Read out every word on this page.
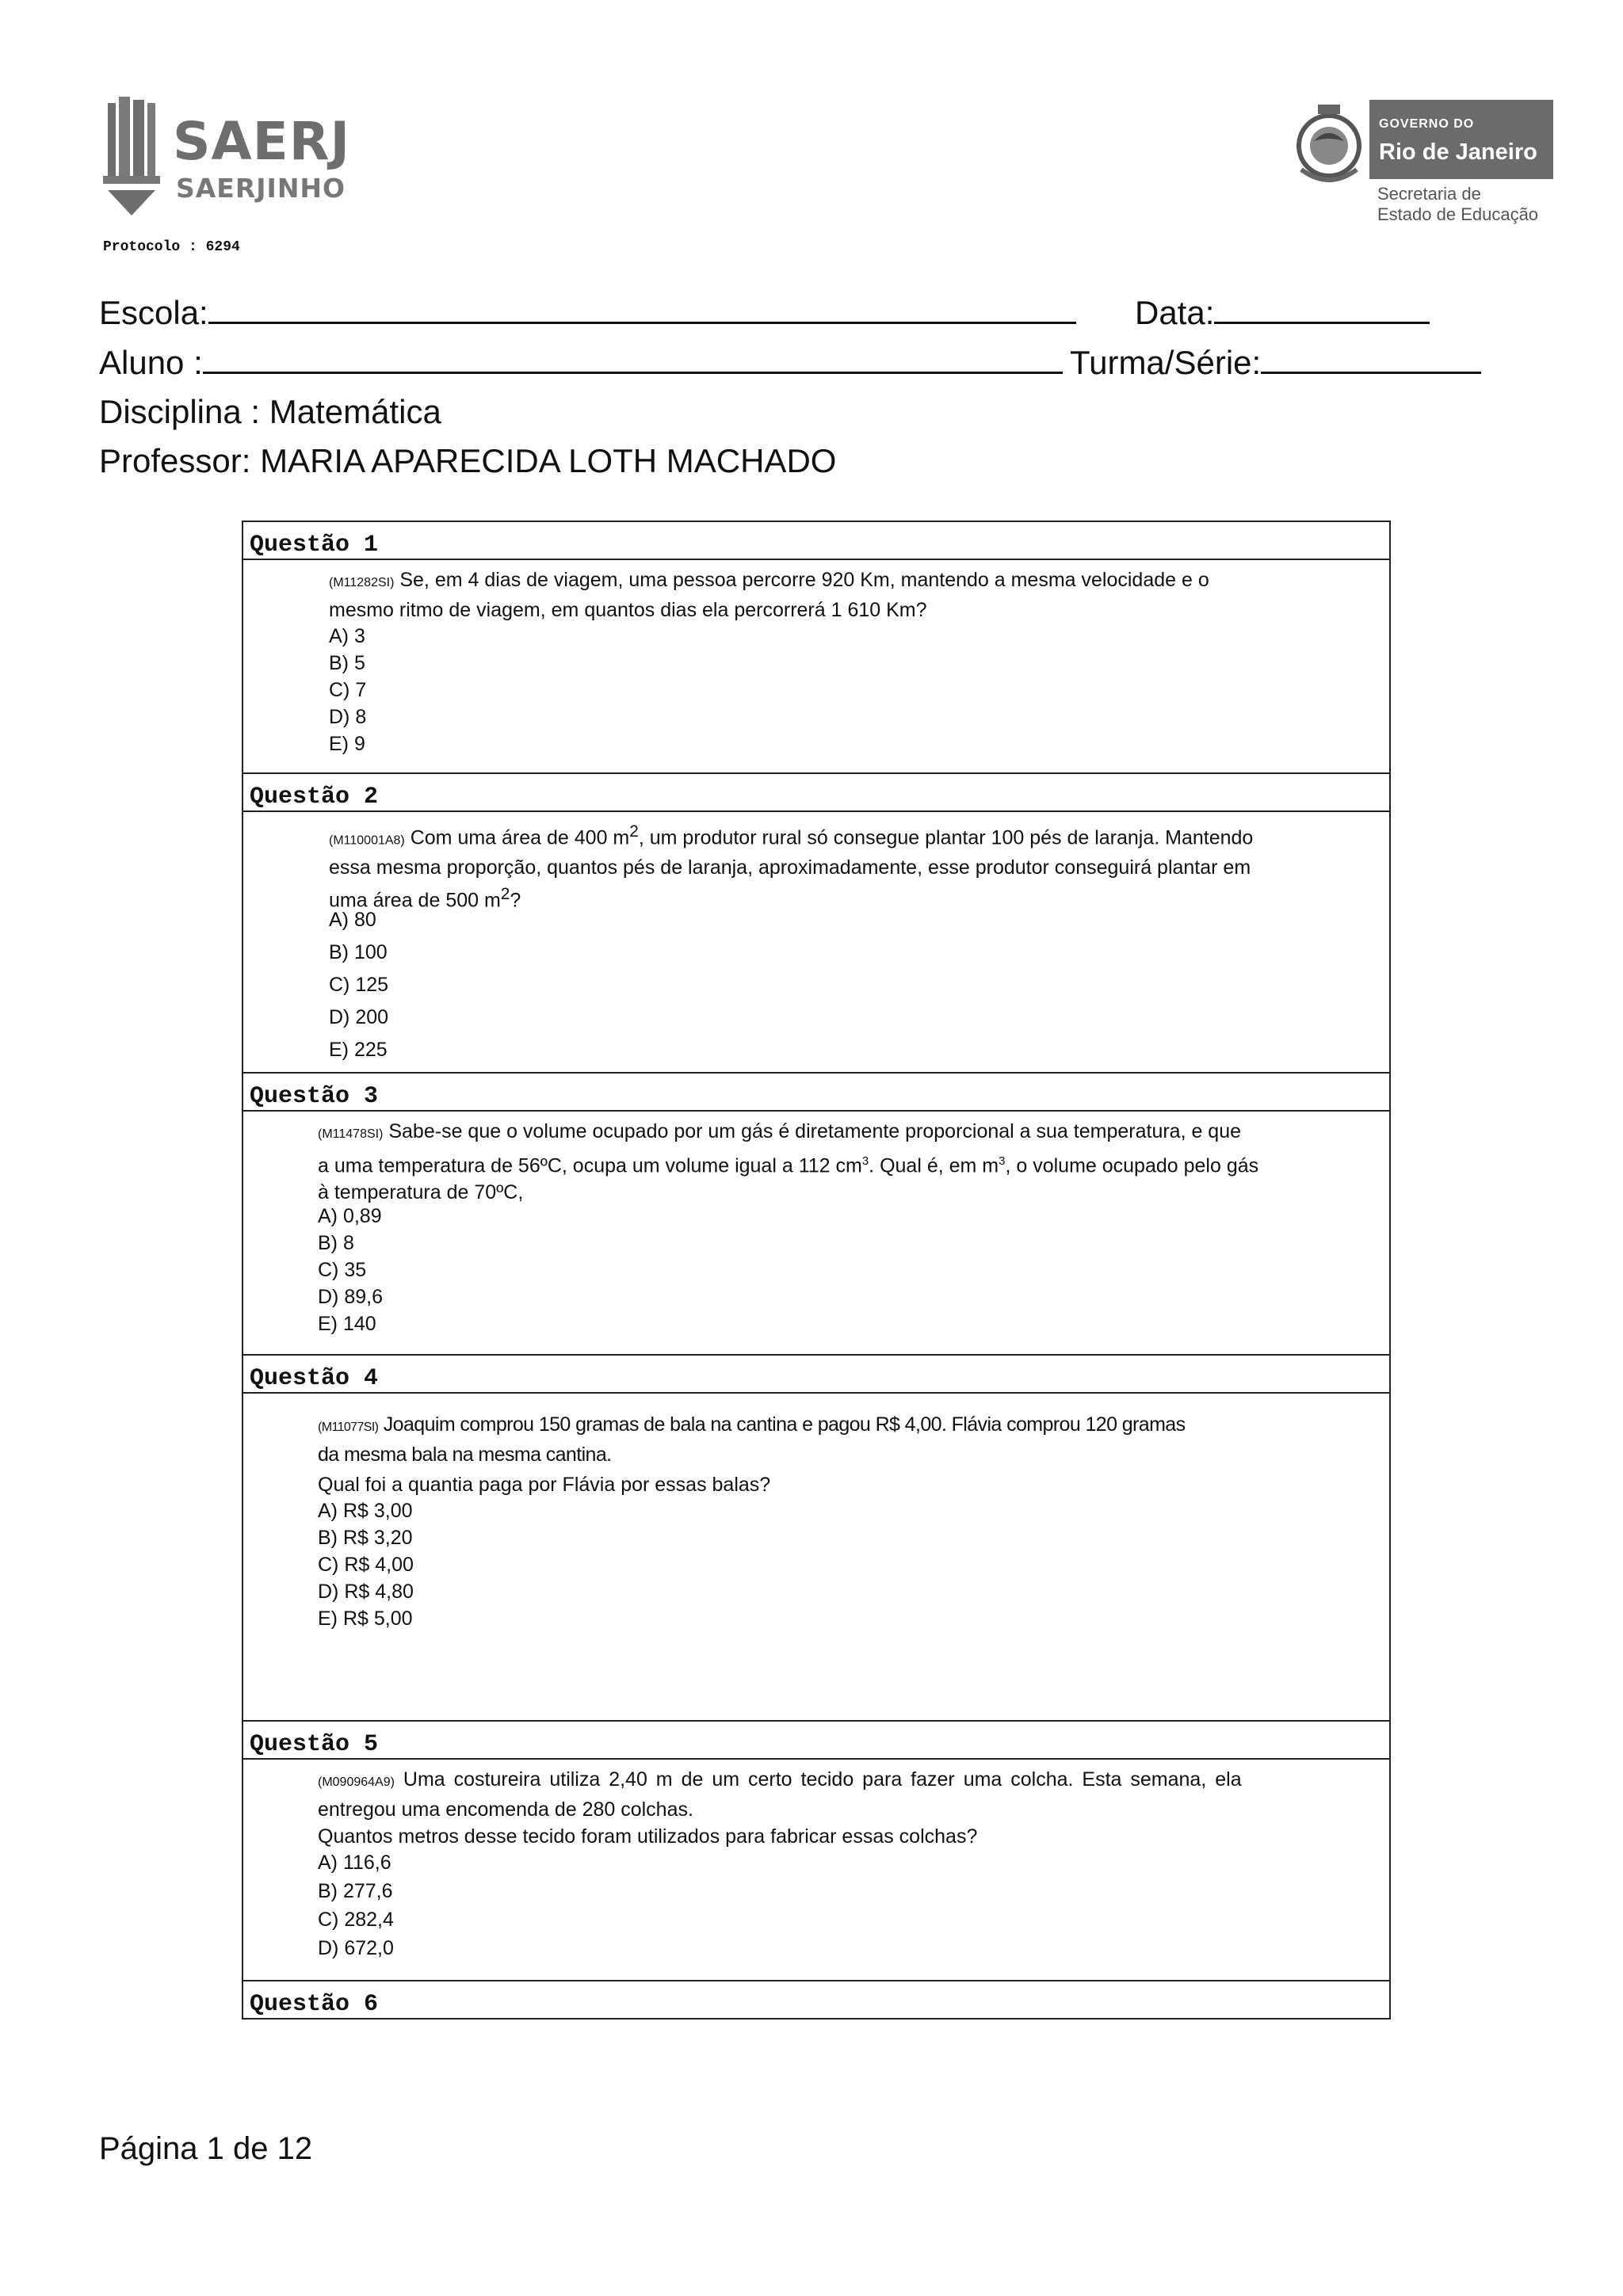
SAERJ
SAERJINHO
Protocolo : 6294
GOVERNO DO
Rio de Janeiro
Secretaria de
Estado de Educação
Escola:	Data:
Aluno :	Turma/Série:
Disciplina : Matemática
Professor: MARIA APARECIDA LOTH MACHADO
Questão 1
(M11282SI) Se, em 4 dias de viagem, uma pessoa percorre 920 Km, mantendo a mesma velocidade e o
mesmo ritmo de viagem, em quantos dias ela percorrerá 1 610 Km?
A) 3
B) 5
C) 7
D) 8
E) 9
Questão 2
(M110001A8) Com uma área de 400 $m^2$, um produtor rural só consegue plantar 100 pés de laranja. Mantendo
essa mesma proporção, quantos pés de laranja, aproximadamente, esse produtor conseguirá plantar em
uma área de 500 $m^2$?
A) 80
B) 100
C) 125
D) 200
E) 225
Questão 3
(M11478SI) Sabe-se que o volume ocupado por um gás é diretamente proporcional a sua temperatura, e que
a uma temperatura de 56ºC, ocupa um volume igual a 112 $cm^3$. Qual é, em $m^3$, o volume ocupado pelo gás
à temperatura de 70ºC,
A) 0,89
B) 8
C) 35
D) 89,6
E) 140
Questão 4
(M11077SI) Joaquim comprou 150 gramas de bala na cantina e pagou R$ 4,00. Flávia comprou 120 gramas
da mesma bala na mesma cantina.
Qual foi a quantia paga por Flávia por essas balas?
A) R$ 3,00
B) R$ 3,20
C) R$ 4,00
D) R$ 4,80
E) R$ 5,00
Questão 5
(M090964A9) Uma costureira utiliza 2,40 m de um certo tecido para fazer uma colcha. Esta semana, ela
entregou uma encomenda de 280 colchas.
Quantos metros desse tecido foram utilizados para fabricar essas colchas?
A) 116,6
B) 277,6
C) 282,4
D) 672,0
Questão 6
Página 1 de 12
